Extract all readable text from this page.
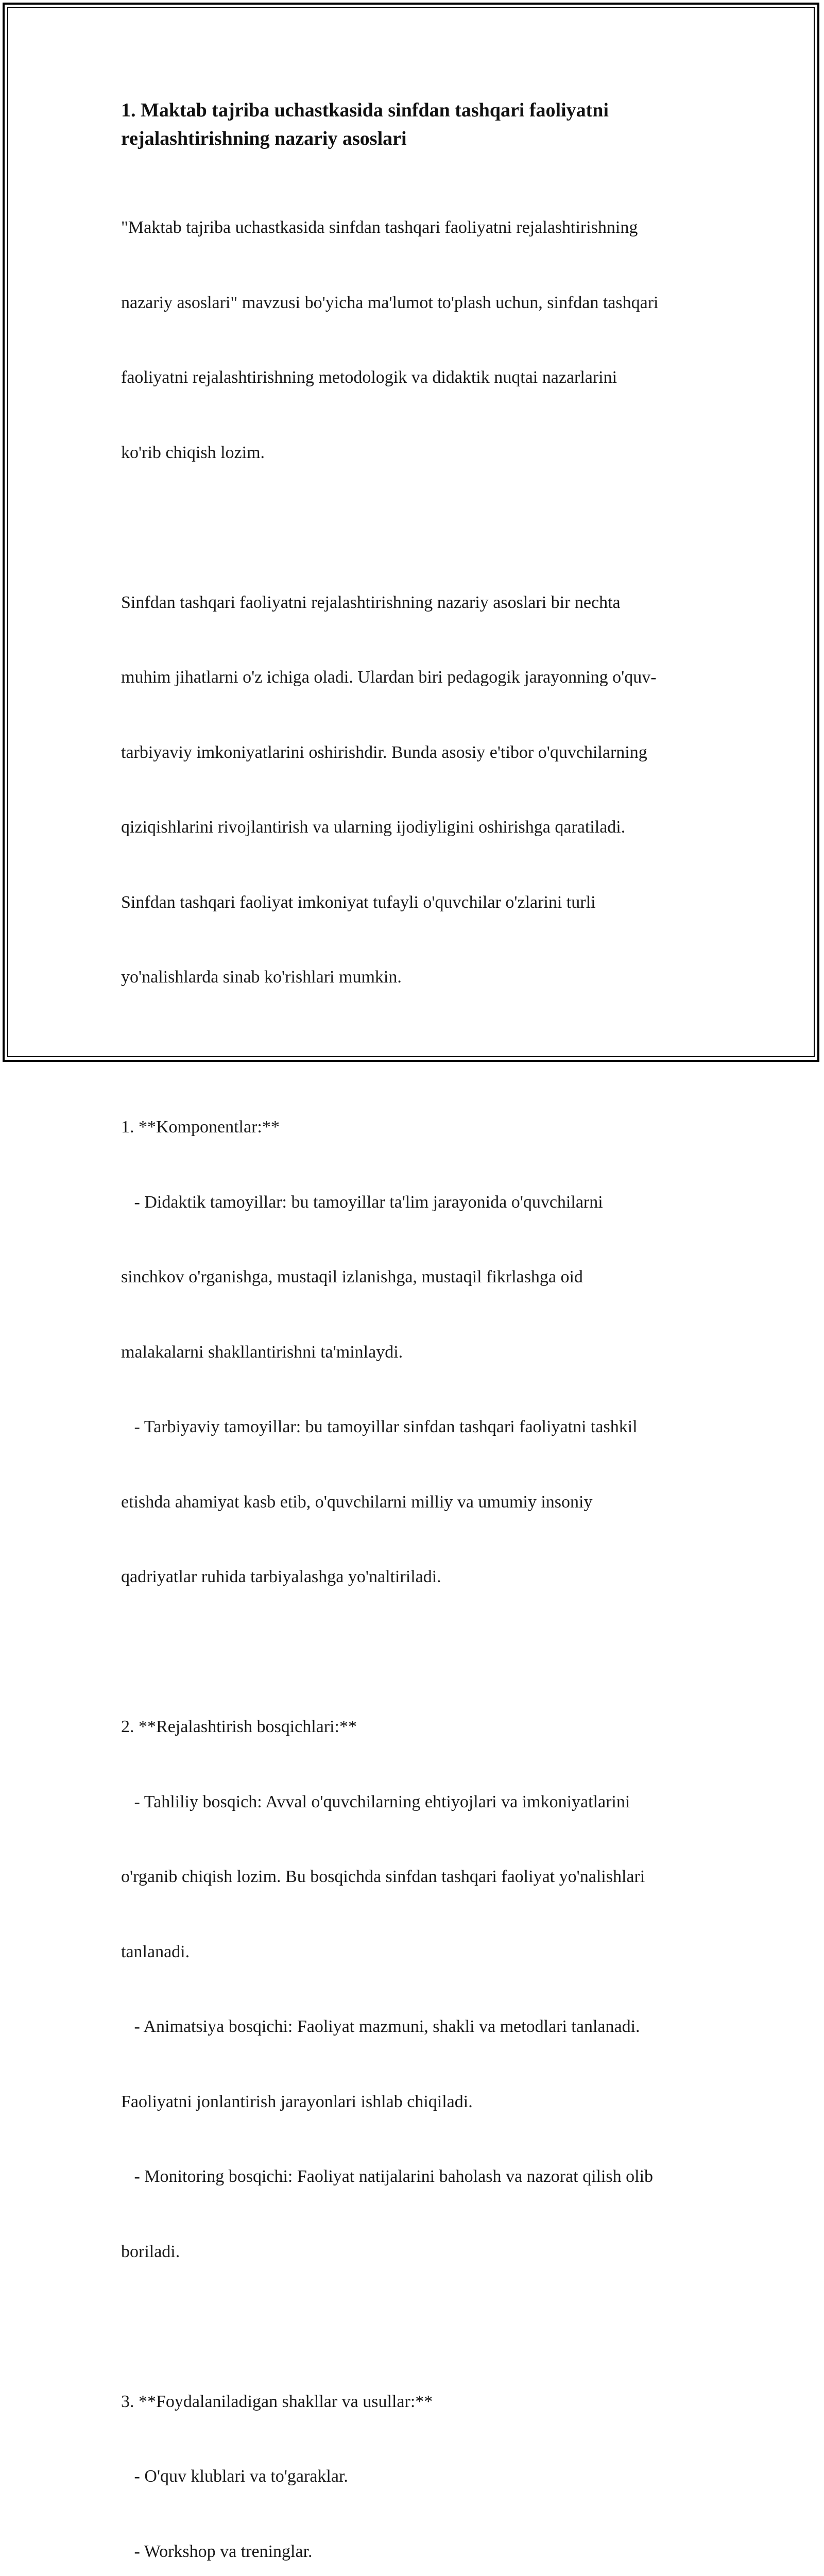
1. Maktab tajriba uchastkasida sinfdan tashqari faoliyatni
rejalashtirishning nazariy asoslari

"Maktab tajriba uchastkasida sinfdan tashqari faoliyatni rejalashtirishning

nazariy asoslari" mavzusi bo'yicha ma'lumot to'plash uchun, sinfdan tashqari

faoliyatni rejalashtirishning metodologik va didaktik nuqtai nazarlarini

ko'rib chiqish lozim.

Sinfdan tashqari faoliyatni rejalashtirishning nazariy asoslari bir nechta

muhim jihatlarni o'z ichiga oladi. Ulardan biri pedagogik jarayonning o'quv-

tarbiyaviy imkoniyatlarini oshirishdir. Bunda asosiy e'tibor o'quvchilarning

qiziqishlarini rivojlantirish va ularning ijodiyligini oshirishga qaratiladi.

Sinfdan tashqari faoliyat imkoniyat tufayli o'quvchilar o'zlarini turli

yo'nalishlarda sinab ko'rishlari mumkin.

1. **Komponentlar:**

- Didaktik tamoyillar: bu tamoyillar ta'lim jarayonida o'quvchilarni

sinchkov o'rganishga, mustaqil izlanishga, mustaqil fikrlashga oid

malakalarni shakllantirishni ta'minlaydi.

- Tarbiyaviy tamoyillar: bu tamoyillar sinfdan tashqari faoliyatni tashkil

etishda ahamiyat kasb etib, o'quvchilarni milliy va umumiy insoniy

qadriyatlar ruhida tarbiyalashga yo'naltiriladi.

2. **Rejalashtirish bosqichlari:**

- Tahliliy bosqich: Avval o'quvchilarning ehtiyojlari va imkoniyatlarini

o'rganib chiqish lozim. Bu bosqichda sinfdan tashqari faoliyat yo'nalishlari

tanlanadi.

- Animatsiya bosqichi: Faoliyat mazmuni, shakli va metodlari tanlanadi.

Faoliyatni jonlantirish jarayonlari ishlab chiqiladi.

- Monitoring bosqichi: Faoliyat natijalarini baholash va nazorat qilish olib

boriladi.

3. **Foydalaniladigan shakllar va usullar:**

- O'quv klublari va to'garaklar.

- Workshop va treninglar.
